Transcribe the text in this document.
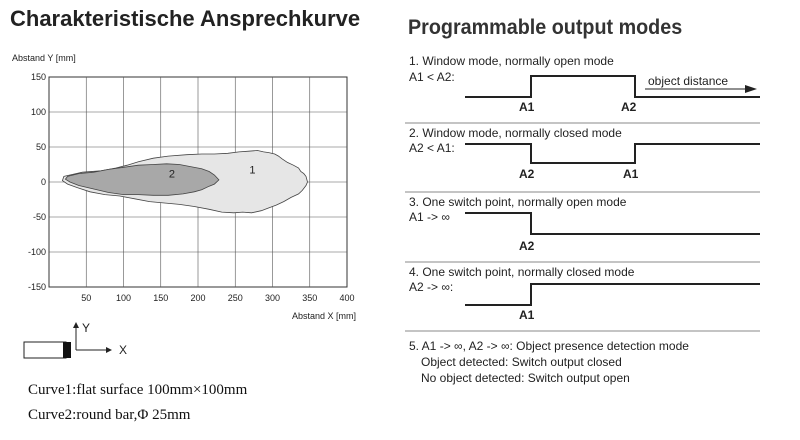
Charakteristische Ansprechkurve
Abstand Y [mm]
1
2
50	100 150 200 250 300 350 400
150
100
50
0
-50
-100
-150
Abstand X [mm]
Y
X
Curve1:flat surface 100mm×100mm
Curve2:round bar,Φ 25mm
Programmable output modes
1. Window mode, normally open mode
A1 < A2:
A1	A2
object distance
2. Window mode, normally closed mode
A2 < A1:
A2	A1
3. One switch point, normally open mode
A1 -> ∞
A2
4. One switch point, normally closed mode
A2 -> ∞:
A1
5. A1 -> ∞, A2 -> ∞: Object presence detection mode
Object detected: Switch output closed
No object detected: Switch output open
